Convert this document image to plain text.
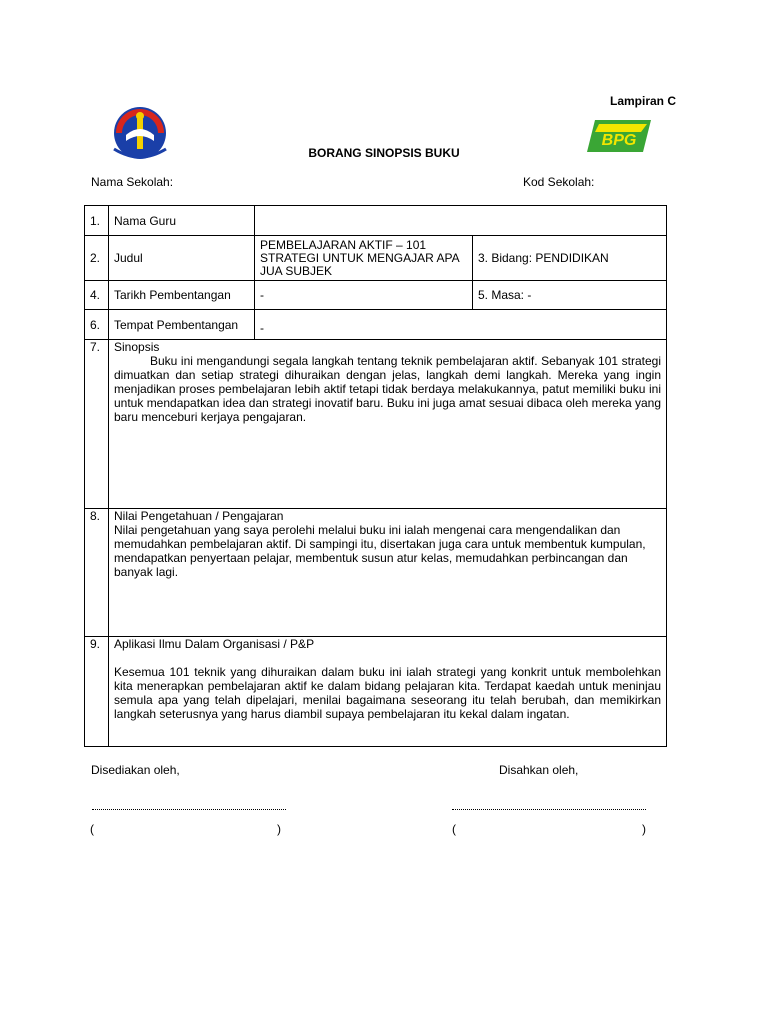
Lampiran C
BPG
BORANG SINOPSIS BUKU
Nama Sekolah:	Kod Sekolah:
1.	Nama Guru		
2.	Judul	PEMBELAJARAN AKTIF – 101 STRATEGI UNTUK MENGAJAR APA JUA SUBJEK	3. Bidang: PENDIDIKAN
4.	Tarikh Pembentangan	-	5. Masa: -
6.	Tempat Pembentangan	-	
7.	Sinopsis
Buku ini mengandungi segala langkah tentang teknik pembelajaran aktif. Sebanyak 101 strategi dimuatkan dan setiap strategi dihuraikan dengan jelas, langkah demi langkah. Mereka yang ingin menjadikan proses pembelajaran lebih aktif tetapi tidak berdaya melakukannya, patut memiliki buku ini untuk mendapatkan idea dan strategi inovatif baru. Buku ini juga amat sesuai dibaca oleh mereka yang baru menceburi kerjaya pengajaran.		

8.	Nilai Pengetahuan / Pengajaran
Nilai pengetahuan yang saya perolehi melalui buku ini ialah mengenai cara mengendalikan dan memudahkan pembelajaran aktif. Di sampingi itu, disertakan juga cara untuk membentuk kumpulan, mendapatkan penyertaan pelajar, membentuk susun atur kelas, memudahkan perbincangan dan banyak lagi.		

9.	Aplikasi Ilmu Dalam Organisasi / P&P
Kesemua 101 teknik yang dihuraikan dalam buku ini ialah strategi yang konkrit untuk membolehkan kita menerapkan pembelajaran aktif ke dalam bidang pelajaran kita. Terdapat kaedah untuk meninjau semula apa yang telah dipelajari, menilai bagaimana seseorang itu telah berubah, dan memikirkan langkah seterusnya yang harus diambil supaya pembelajaran itu kekal dalam ingatan.		
Disediakan oleh,	Disahkan oleh,
(	)	(	)
